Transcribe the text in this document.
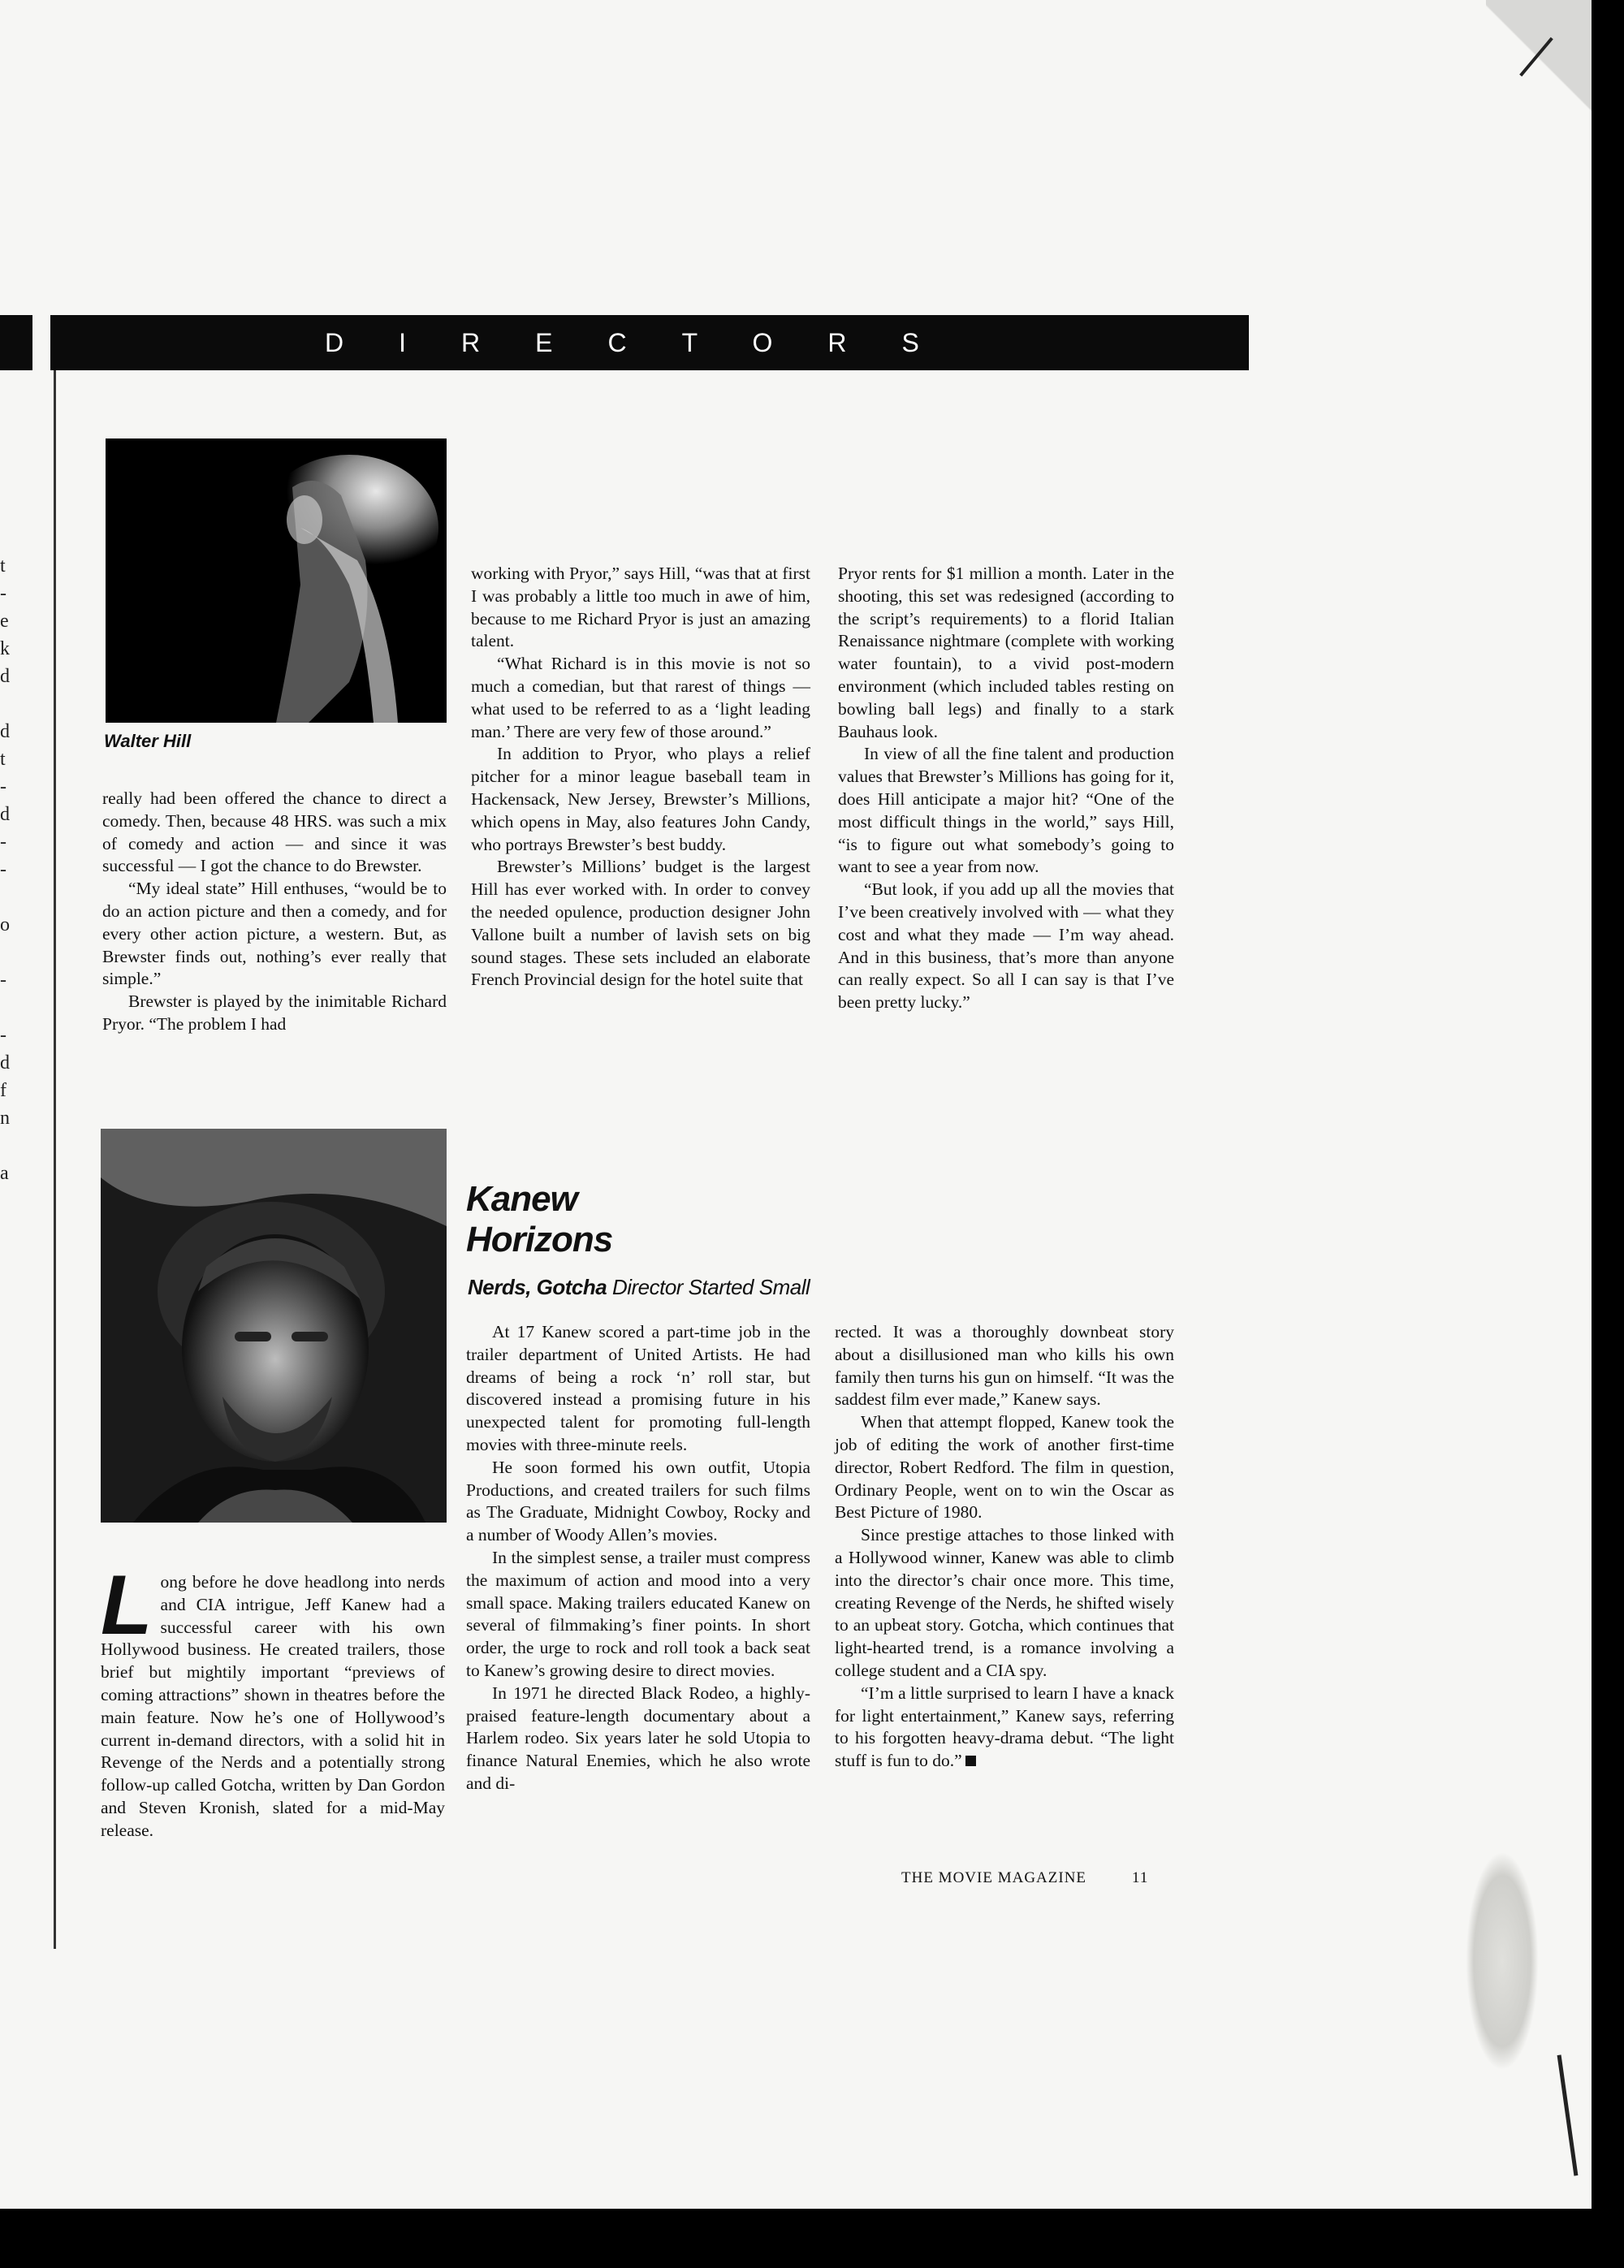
t
-
e
k
d

d
t
-
d
-
-

o

-

-
d
f
n

a
DIRECTORS
Walter Hill

really had been offered the chance to direct a comedy. Then, because 48 HRS. was such a mix of comedy and action — and since it was successful — I got the chance to do Brewster.

“My ideal state” Hill enthuses, “would be to do an action picture and then a comedy, and for every other action picture, a western. But, as Brewster finds out, nothing’s ever really that simple.”

Brewster is played by the inimitable Richard Pryor. “The problem I had

working with Pryor,” says Hill, “was that at first I was probably a little too much in awe of him, because to me Richard Pryor is just an amazing talent.

“What Richard is in this movie is not so much a comedian, but that rarest of things — what used to be referred to as a ‘light leading man.’ There are very few of those around.”

In addition to Pryor, who plays a relief pitcher for a minor league baseball team in Hackensack, New Jersey, Brewster’s Millions, which opens in May, also features John Candy, who portrays Brewster’s best buddy.

Brewster’s Millions’ budget is the largest Hill has ever worked with. In order to convey the needed opulence, production designer John Vallone built a number of lavish sets on big sound stages. These sets included an elaborate French Provincial design for the hotel suite that

Pryor rents for $1 million a month. Later in the shooting, this set was redesigned (according to the script’s requirements) to a florid Italian Renaissance nightmare (complete with working water fountain), to a vivid post-modern environment (which included tables resting on bowling ball legs) and finally to a stark Bauhaus look.

In view of all the fine talent and production values that Brewster’s Millions has going for it, does Hill anticipate a major hit? “One of the most difficult things in the world,” says Hill, “is to figure out what somebody’s going to want to see a year from now.

“But look, if you add up all the movies that I’ve been creatively involved with — what they cost and what they made — I’m way ahead. And in this business, that’s more than anyone can really expect. So all I can say is that I’ve been pretty lucky.”

Kanew
Horizons
Nerds, Gotcha Director Started Small

Long before he dove headlong into nerds and CIA intrigue, Jeff Kanew had a successful career with his own Hollywood business. He created trailers, those brief but mightily important “previews of coming attractions” shown in theatres before the main feature. Now he’s one of Hollywood’s current in-demand directors, with a solid hit in Revenge of the Nerds and a potentially strong follow-up called Gotcha, written by Dan Gordon and Steven Kronish, slated for a mid-May release.

At 17 Kanew scored a part-time job in the trailer department of United Artists. He had dreams of being a rock ‘n’ roll star, but discovered instead a promising future in his unexpected talent for promoting full-length movies with three-minute reels.

He soon formed his own outfit, Utopia Productions, and created trailers for such films as The Graduate, Midnight Cowboy, Rocky and a number of Woody Allen’s movies.

In the simplest sense, a trailer must compress the maximum of action and mood into a very small space. Making trailers educated Kanew on several of filmmaking’s finer points. In short order, the urge to rock and roll took a back seat to Kanew’s growing desire to direct movies.

In 1971 he directed Black Rodeo, a highly-praised feature-length documentary about a Harlem rodeo. Six years later he sold Utopia to finance Natural Enemies, which he also wrote and di-

rected. It was a thoroughly downbeat story about a disillusioned man who kills his own family then turns his gun on himself. “It was the saddest film ever made,” Kanew says.

When that attempt flopped, Kanew took the job of editing the work of another first-time director, Robert Redford. The film in question, Ordinary People, went on to win the Oscar as Best Picture of 1980.

Since prestige attaches to those linked with a Hollywood winner, Kanew was able to climb into the director’s chair once more. This time, creating Revenge of the Nerds, he shifted wisely to an upbeat story. Gotcha, which continues that light-hearted trend, is a romance involving a college student and a CIA spy.

“I’m a little surprised to learn I have a knack for light entertainment,” Kanew says, referring to his forgotten heavy-drama debut. “The light stuff is fun to do.”

THE MOVIE MAGAZINE	11
